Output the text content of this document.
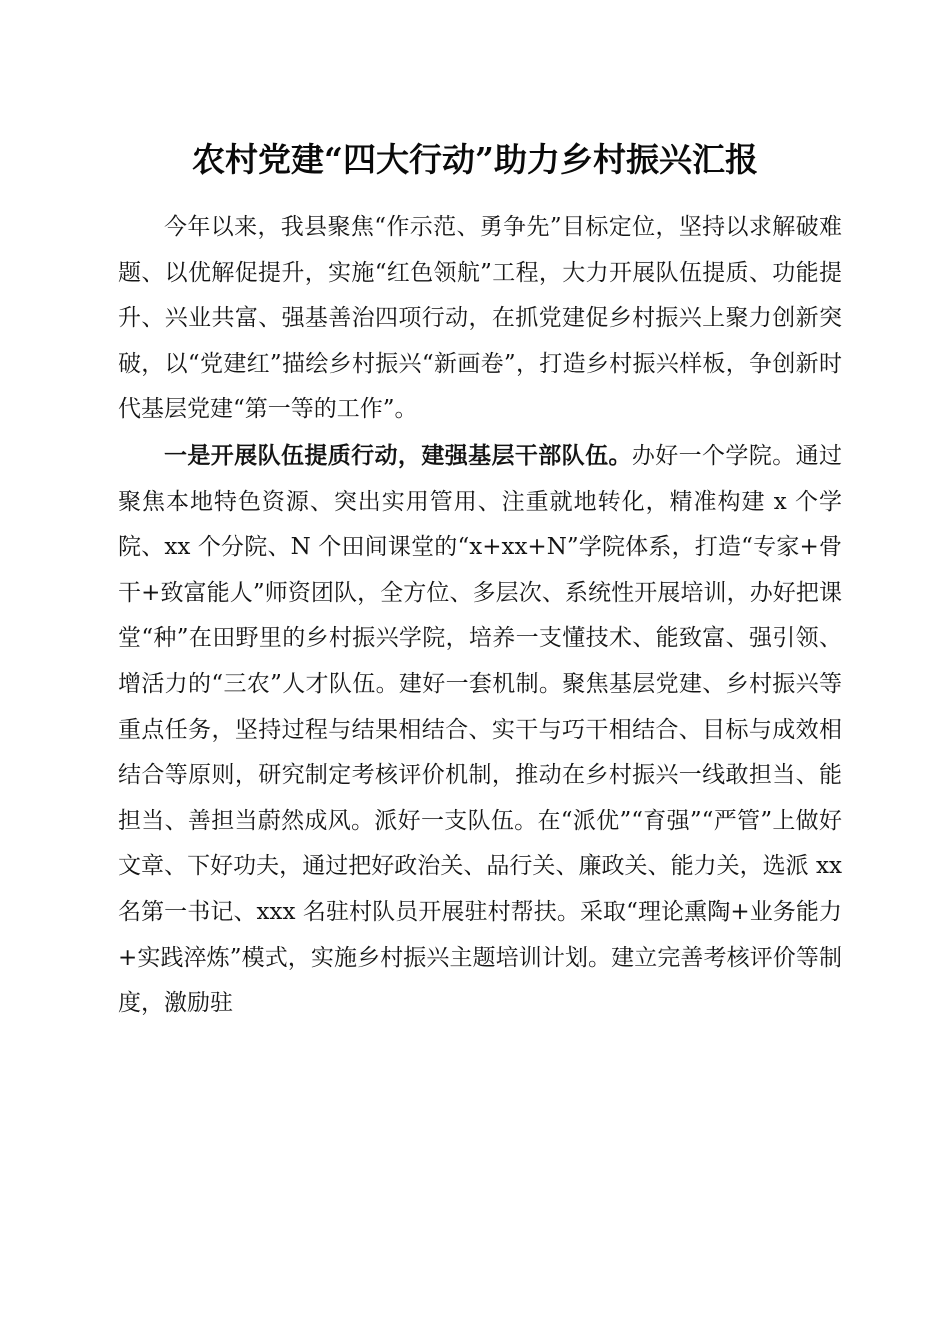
农村党建“四大行动”助力乡村振兴汇报

今年以来，我县聚焦“作示范、勇争先”目标定位，坚持以求解破难题、以优解促提升，实施“红色领航”工程，大力开展队伍提质、功能提升、兴业共富、强基善治四项行动，在抓党建促乡村振兴上聚力创新突破，以“党建红”描绘乡村振兴“新画卷”，打造乡村振兴样板，争创新时代基层党建“第一等的工作”。

一是开展队伍提质行动，建强基层干部队伍。办好一个学院。通过聚焦本地特色资源、突出实用管用、注重就地转化，精准构建 x 个学院、xx 个分院、N 个田间课堂的“x+xx+N”学院体系，打造“专家+骨干+致富能人”师资团队，全方位、多层次、系统性开展培训，办好把课堂“种”在田野里的乡村振兴学院，培养一支懂技术、能致富、强引领、增活力的“三农”人才队伍。建好一套机制。聚焦基层党建、乡村振兴等重点任务，坚持过程与结果相结合、实干与巧干相结合、目标与成效相结合等原则，研究制定考核评价机制，推动在乡村振兴一线敢担当、能担当、善担当蔚然成风。派好一支队伍。在“派优”“育强”“严管”上做好文章、下好功夫，通过把好政治关、品行关、廉政关、能力关，选派 xx 名第一书记、xxx 名驻村队员开展驻村帮扶。采取“理论熏陶+业务能力+实践淬炼”模式，实施乡村振兴主题培训计划。建立完善考核评价等制度，激励驻
